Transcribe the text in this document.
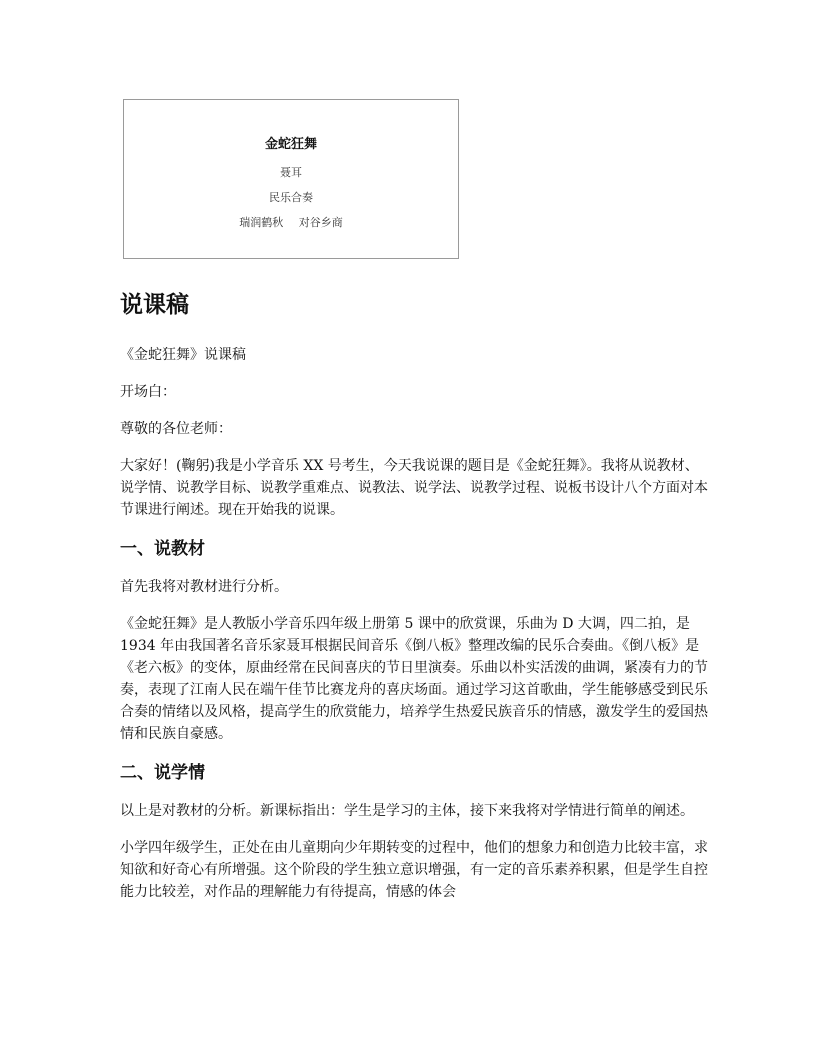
金蛇狂舞
聂耳
民乐合奏
瑞润鹤秋 对谷乡商
说课稿

《金蛇狂舞》说课稿

开场白：

尊敬的各位老师：

大家好！(鞠躬)我是小学音乐 XX 号考生，今天我说课的题目是《金蛇狂舞》。我将从说教材、说学情、说教学目标、说教学重难点、说教法、说学法、说教学过程、说板书设计八个方面对本节课进行阐述。现在开始我的说课。

一、说教材

首先我将对教材进行分析。

《金蛇狂舞》是人教版小学音乐四年级上册第 5 课中的欣赏课，乐曲为 D 大调，四二拍，是 1934 年由我国著名音乐家聂耳根据民间音乐《倒八板》整理改编的民乐合奏曲。《倒八板》是《老六板》的变体，原曲经常在民间喜庆的节日里演奏。乐曲以朴实活泼的曲调，紧凑有力的节奏，表现了江南人民在端午佳节比赛龙舟的喜庆场面。通过学习这首歌曲，学生能够感受到民乐合奏的情绪以及风格，提高学生的欣赏能力，培养学生热爱民族音乐的情感，激发学生的爱国热情和民族自豪感。

二、说学情

以上是对教材的分析。新课标指出：学生是学习的主体，接下来我将对学情进行简单的阐述。

小学四年级学生，正处在由儿童期向少年期转变的过程中，他们的想象力和创造力比较丰富，求知欲和好奇心有所增强。这个阶段的学生独立意识增强，有一定的音乐素养积累，但是学生自控能力比较差，对作品的理解能力有待提高，情感的体会
